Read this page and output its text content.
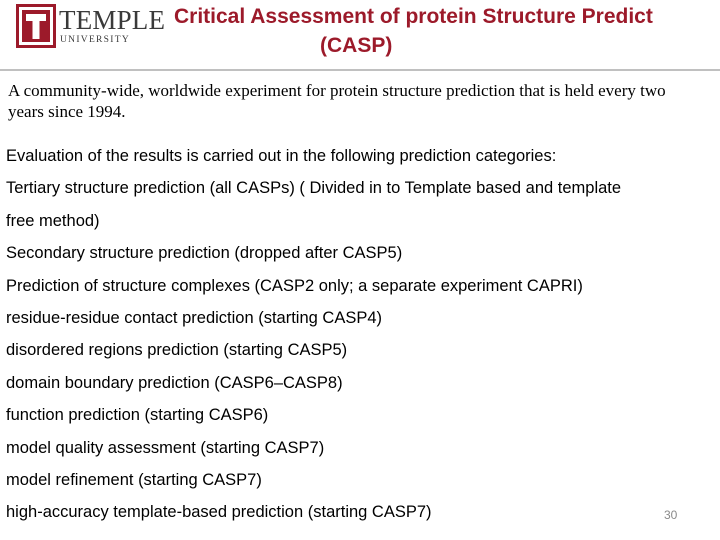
TEMPLE
UNIVERSITY
Critical Assessment of protein Structure Predict
(CASP)
A community-wide, worldwide experiment for protein structure prediction that is held every two years since 1994.
Evaluation of the results is carried out in the following prediction categories:
Tertiary structure prediction (all CASPs) ( Divided in to Template based and template
free method)
Secondary structure prediction (dropped after CASP5)
Prediction of structure complexes (CASP2 only; a separate experiment CAPRI)
residue-residue contact prediction (starting CASP4)
disordered regions prediction (starting CASP5)
domain boundary prediction (CASP6–CASP8)
function prediction (starting CASP6)
model quality assessment (starting CASP7)
model refinement (starting CASP7)
high-accuracy template-based prediction (starting CASP7)	30
